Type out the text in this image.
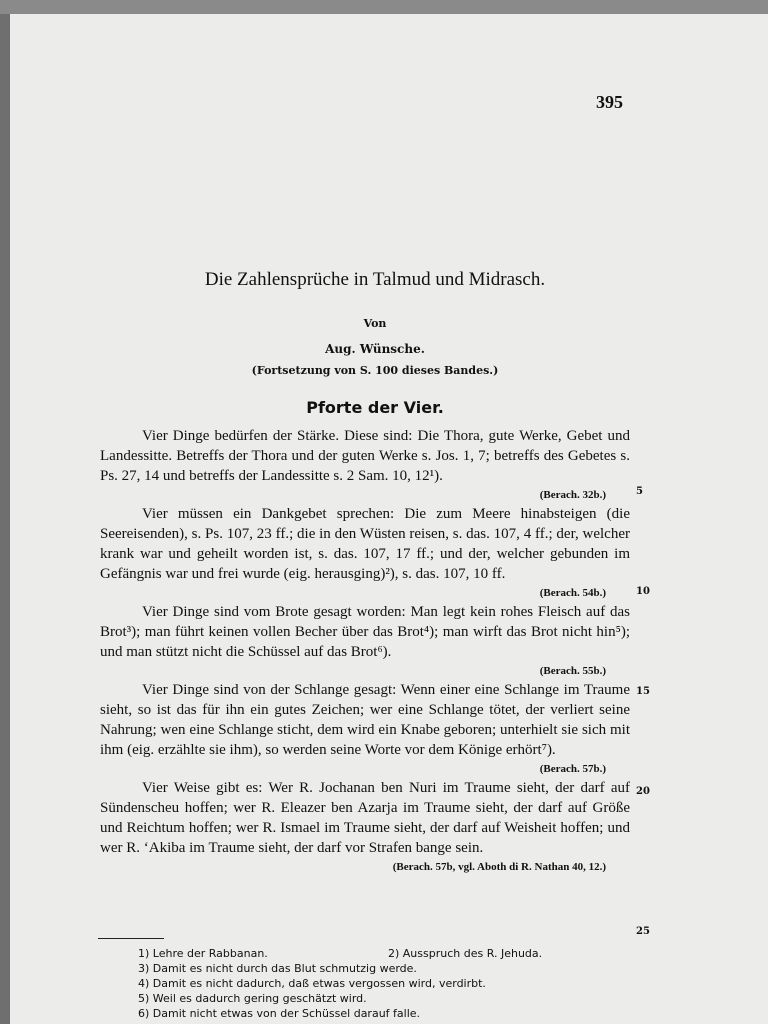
395
Die Zahlensprüche in Talmud und Midrasch.
Von
Aug. Wünsche.
(Fortsetzung von S. 100 dieses Bandes.)
Pforte der Vier.

Vier Dinge bedürfen der Stärke. Diese sind: Die Thora, gute Werke, Gebet und Landessitte. Betreffs der Thora und der guten Werke s. Jos. 1, 7; betreffs des Gebetes s. Ps. 27, 14 und betreffs der Landessitte s. 2 Sam. 10, 12¹).

(Berach. 32b.)

Vier müssen ein Dankgebet sprechen: Die zum Meere hinabsteigen (die Seereisenden), s. Ps. 107, 23 ff.; die in den Wüsten reisen, s. das. 107, 4 ff.; der, welcher krank war und geheilt worden ist, s. das. 107, 17 ff.; und der, welcher gebunden im Gefängnis war und frei wurde (eig. herausging)²), s. das. 107, 10 ff.

(Berach. 54b.)

Vier Dinge sind vom Brote gesagt worden: Man legt kein rohes Fleisch auf das Brot³); man führt keinen vollen Becher über das Brot⁴); man wirft das Brot nicht hin⁵); und man stützt nicht die Schüssel auf das Brot⁶).

(Berach. 55b.)

Vier Dinge sind von der Schlange gesagt: Wenn einer eine Schlange im Traume sieht, so ist das für ihn ein gutes Zeichen; wer eine Schlange tötet, der verliert seine Nahrung; wen eine Schlange sticht, dem wird ein Knabe geboren; unterhielt sie sich mit ihm (eig. erzählte sie ihm), so werden seine Worte vor dem Könige erhört⁷).

(Berach. 57b.)

Vier Weise gibt es: Wer R. Jochanan ben Nuri im Traume sieht, der darf auf Sündenscheu hoffen; wer R. Eleazer ben Azarja im Traume sieht, der darf auf Größe und Reichtum hoffen; wer R. Ismael im Traume sieht, der darf auf Weisheit hoffen; und wer R. ‘Akiba im Traume sieht, der darf vor Strafen bange sein.

(Berach. 57b, vgl. Aboth di R. Nathan 40, 12.)
5
10
15
20
25
1) Lehre der Rabbanan.	2) Ausspruch des R. Jehuda.
3) Damit es nicht durch das Blut schmutzig werde.
4) Damit es nicht dadurch, daß etwas vergossen wird, verdirbt.
5) Weil es dadurch gering geschätzt wird.
6) Damit nicht etwas von der Schüssel darauf falle.
